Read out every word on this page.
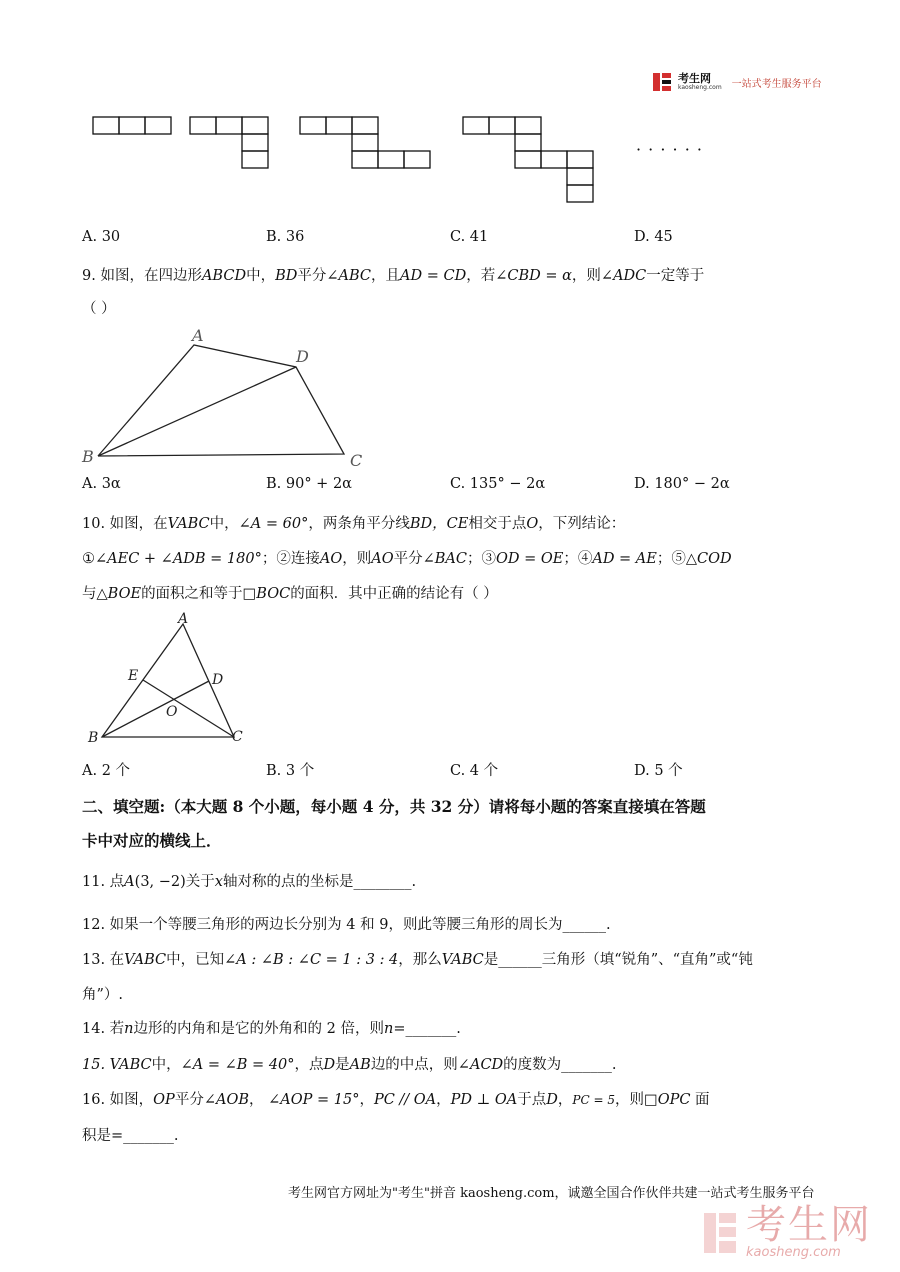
考生网
kaosheng.com 一站式考生服务平台
· · · · · ·
A. 30	B. 36	C. 41	D. 45
9. 如图，在四边形ABCD中，BD平分∠ABC，且AD = CD，若∠CBD = α，则∠ADC一定等于
（ ）
A
D
B	C
A. 3α	B. 90° + 2α	C. 135° − 2α	D. 180° − 2α
10. 如图，在VABC中，∠A = 60°，两条角平分线BD，CE相交于点O，下列结论：
①∠AEC + ∠ADB = 180°；②连接AO，则AO平分∠BAC；③OD = OE；④AD = AE；⑤△COD
与△BOE的面积之和等于□BOC的面积．其中正确的结论有（ ）
A
E	D
O
B	C
A. 2 个	B. 3 个	C. 4 个	D. 5 个
二、填空题:（本大题 8 个小题，每小题 4 分，共 32 分）请将每小题的答案直接填在答题
卡中对应的横线上．
11. 点A(3, −2)关于x轴对称的点的坐标是________.
12. 如果一个等腰三角形的两边长分别为 4 和 9，则此等腰三角形的周长为______.
13. 在VABC中，已知∠A : ∠B : ∠C = 1 : 3 : 4，那么VABC是______三角形（填“锐角”、“直角”或“钝
角”）.
14. 若n边形的内角和是它的外角和的 2 倍，则n=_______.
15. VABC中，∠A = ∠B = 40°，点D是AB边的中点，则∠ACD的度数为_______.
16. 如图，OP平分∠AOB， ∠AOP = 15°，PC // OA，PD ⊥ OA于点D，PC = 5，则□OPC 面
积是=_______.
考生网官方网址为"考生"拼音 kaosheng.com，诚邀全国合作伙伴共建一站式考生服务平台
考生网
kaosheng.com
